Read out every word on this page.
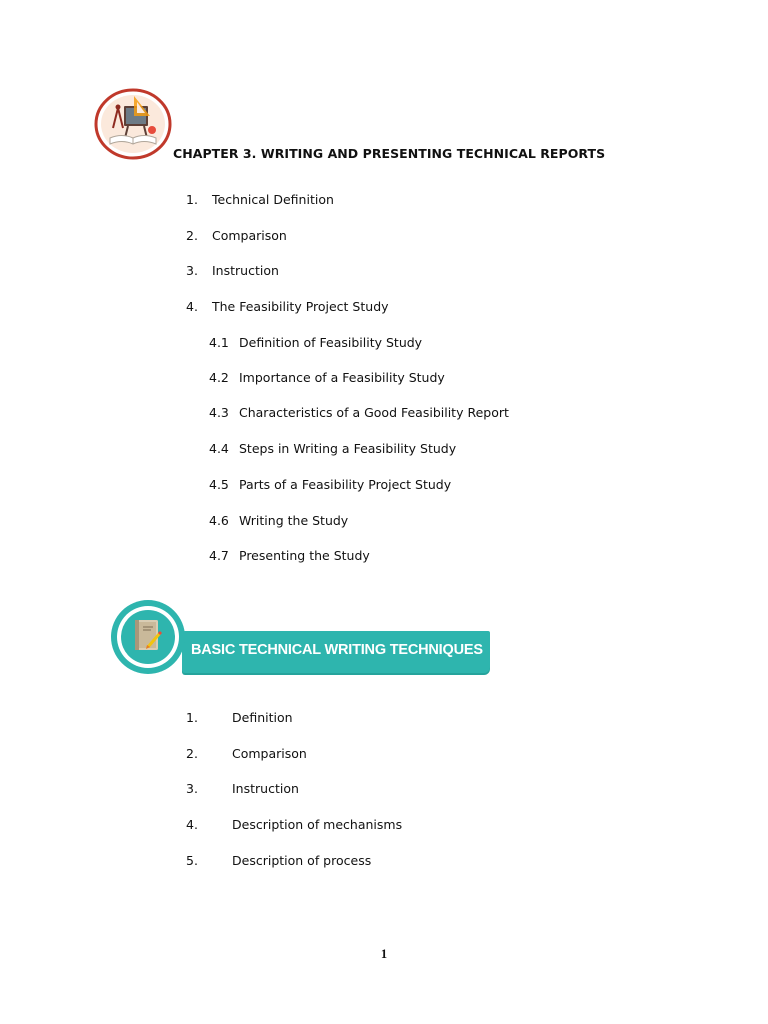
CHAPTER 3. WRITING AND PRESENTING TECHNICAL REPORTS
1. Technical Definition
2. Comparison
3. Instruction
4. The Feasibility Project Study
4.1 Definition of Feasibility Study
4.2 Importance of a Feasibility Study
4.3 Characteristics of a Good Feasibility Report
4.4 Steps in Writing a Feasibility Study
4.5 Parts of a Feasibility Project Study
4.6 Writing the Study
4.7 Presenting the Study
BASIC TECHNICAL WRITING TECHNIQUES
1.	Definition
2.	Comparison
3.	Instruction
4.	Description of mechanisms
5.	Description of process
1
